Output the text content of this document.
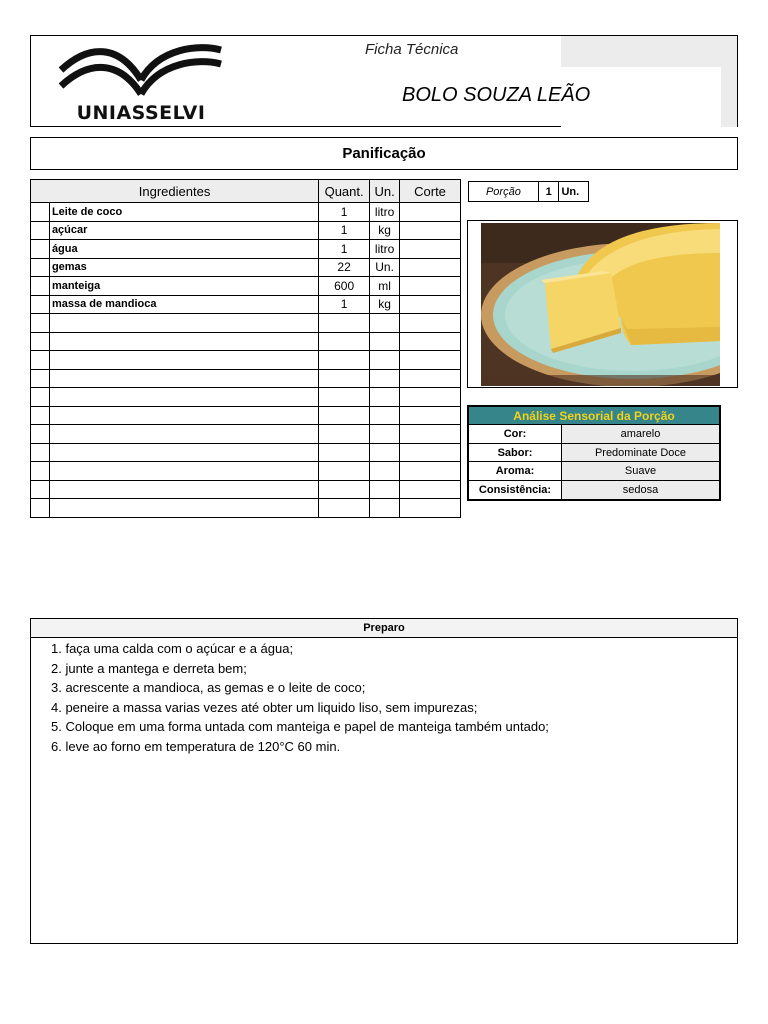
UNIASSELVI
Ficha Técnica
BOLO SOUZA LEÃO
Panificação
Ingredientes		Quant.	Un.	Corte
	Leite de coco	1	litro	
	açúcar	1	kg	
	água	1	litro	
	gemas	22	Un.	
	manteiga	600	ml	
	massa de mandioca	1	kg	

Porção	1 Un.
Análise Sensorial da Porção
Cor:	amarelo
Sabor:	Predominate Doce
Aroma:	Suave
Consistência:	sedosa
Preparo
1. faça uma calda com o açúcar e a água;
2. junte a mantega e derreta bem;
3. acrescente a mandioca, as gemas e o leite de coco;
4. peneire a massa varias vezes até obter um liquido liso, sem impurezas;
5. Coloque em uma forma untada com manteiga e papel de manteiga também untado;
6. leve ao forno em temperatura de 120°C 60 min.
